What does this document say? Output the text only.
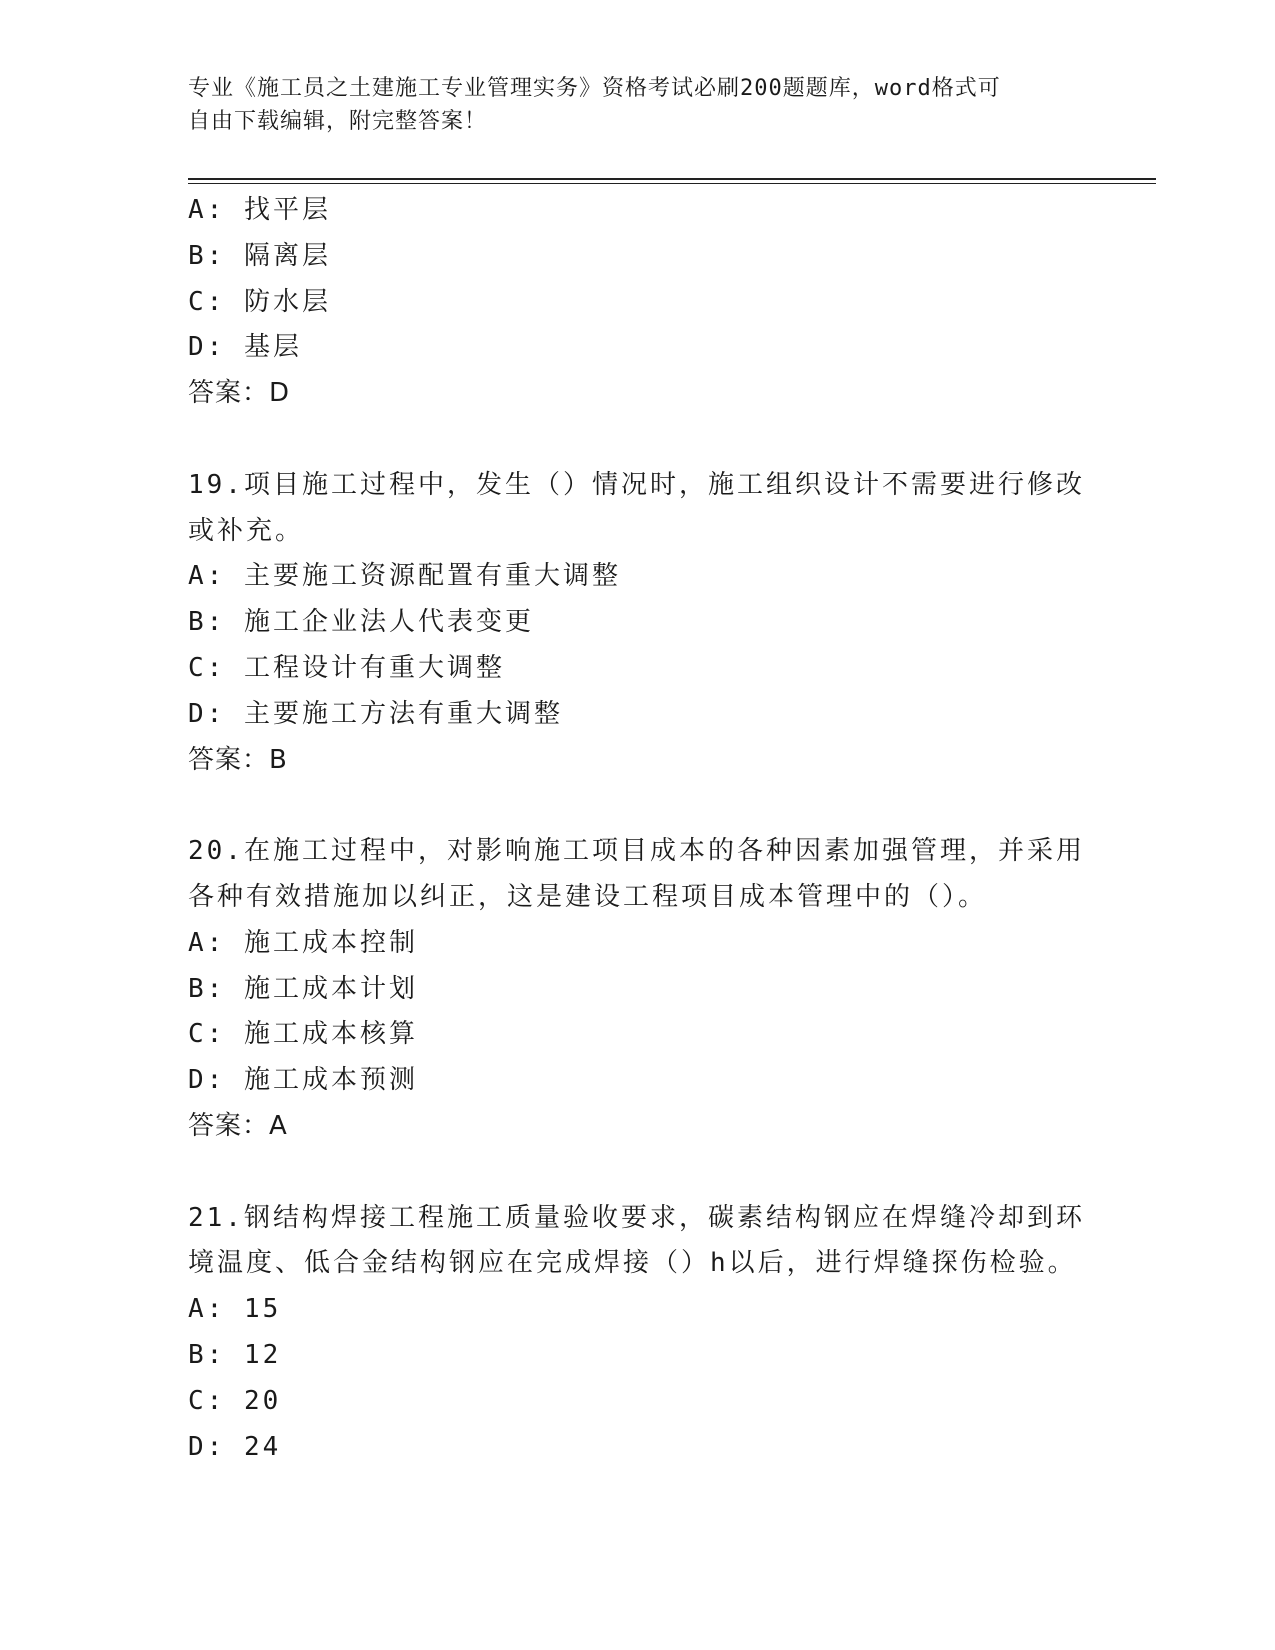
专业《施工员之土建施工专业管理实务》资格考试必刷200题题库，word格式可
自由下载编辑，附完整答案！
A: 找平层
B: 隔离层
C: 防水层
D: 基层
答案：D
19.项目施工过程中，发生（）情况时，施工组织设计不需要进行修改
或补充。
A: 主要施工资源配置有重大调整
B: 施工企业法人代表变更
C: 工程设计有重大调整
D: 主要施工方法有重大调整
答案：B
20.在施工过程中，对影响施工项目成本的各种因素加强管理，并采用
各种有效措施加以纠正，这是建设工程项目成本管理中的（）。
A: 施工成本控制
B: 施工成本计划
C: 施工成本核算
D: 施工成本预测
答案：A
21.钢结构焊接工程施工质量验收要求，碳素结构钢应在焊缝冷却到环
境温度、低合金结构钢应在完成焊接（）h以后，进行焊缝探伤检验。
A: 15
B: 12
C: 20
D: 24
